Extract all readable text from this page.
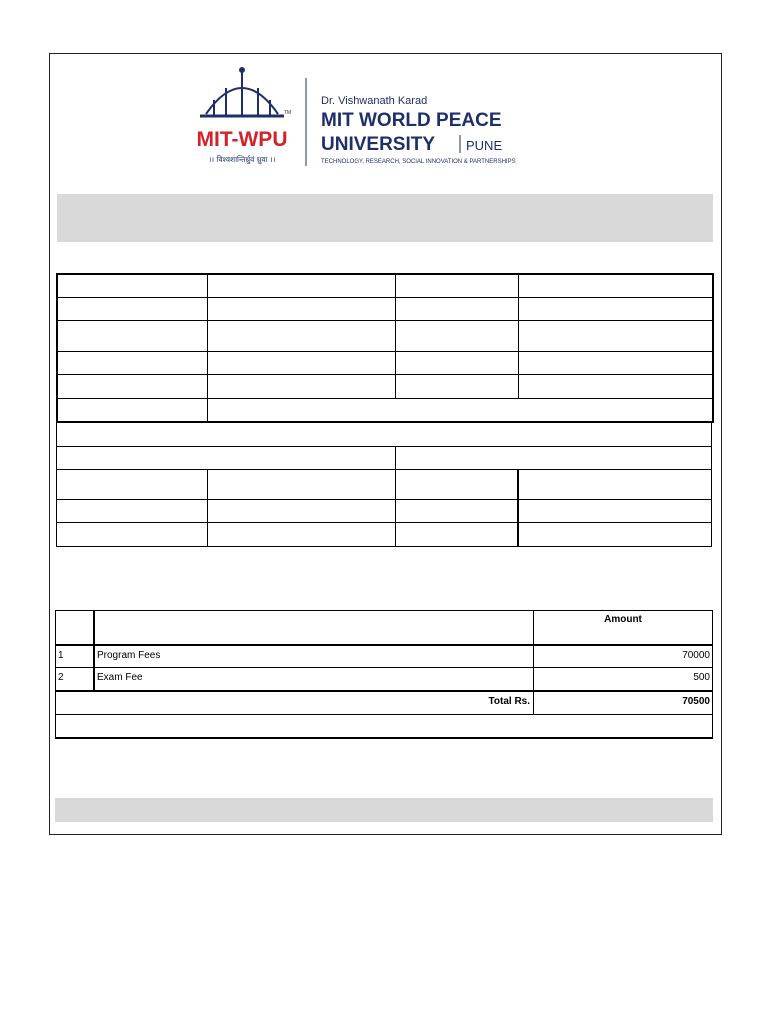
TM
MIT-WPU
।। विश्वशान्तिर्ध्रुवं ध्रुवा ।।
Dr. Vishwanath Karad
MIT WORLD PEACE
UNIVERSITY PUNE
TECHNOLOGY, RESEARCH, SOCIAL INNOVATION & PARTNERSHIPS
Amount
1	Program Fees	70000
2	Exam Fee	500
Total Rs.	70500
